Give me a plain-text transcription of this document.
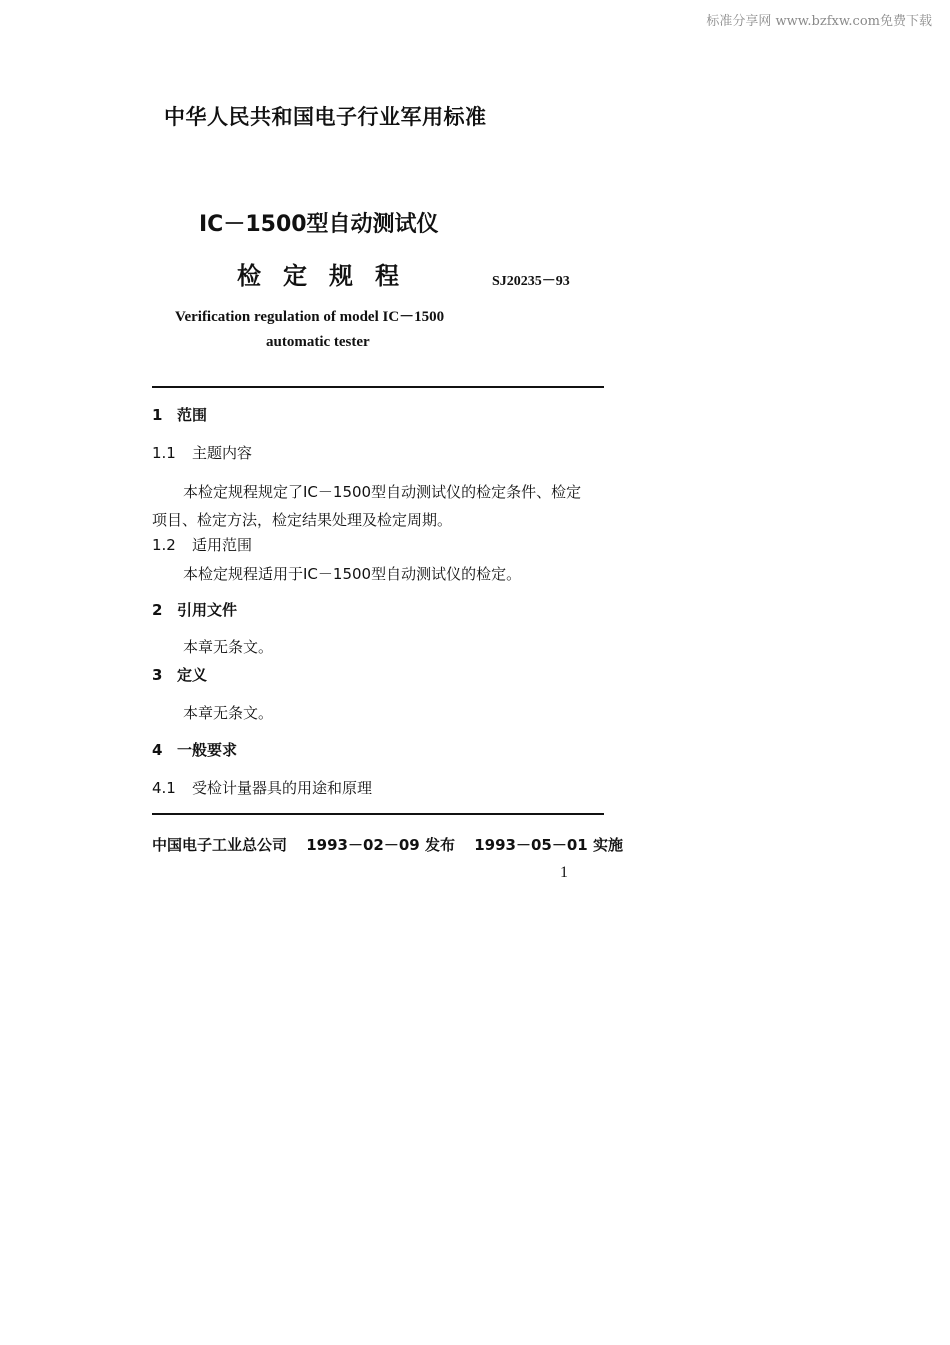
标准分享网 www.bzfxw.com免费下载
中华人民共和国电子行业军用标准
IC－1500型自动测试仪
检定规程	SJ20235－93
Verification regulation of model IC－1500
automatic tester
1 范围
1.1 主题内容
本检定规程规定了IC－1500型自动测试仪的检定条件、检定
项目、检定方法，检定结果处理及检定周期。
1.2 适用范围
本检定规程适用于IC－1500型自动测试仪的检定。
2 引用文件
本章无条文。
3 定义
本章无条文。
4 一般要求
4.1 受检计量器具的用途和原理
中国电子工业总公司 1993－02－09 发布 1993－05－01 实施
1
